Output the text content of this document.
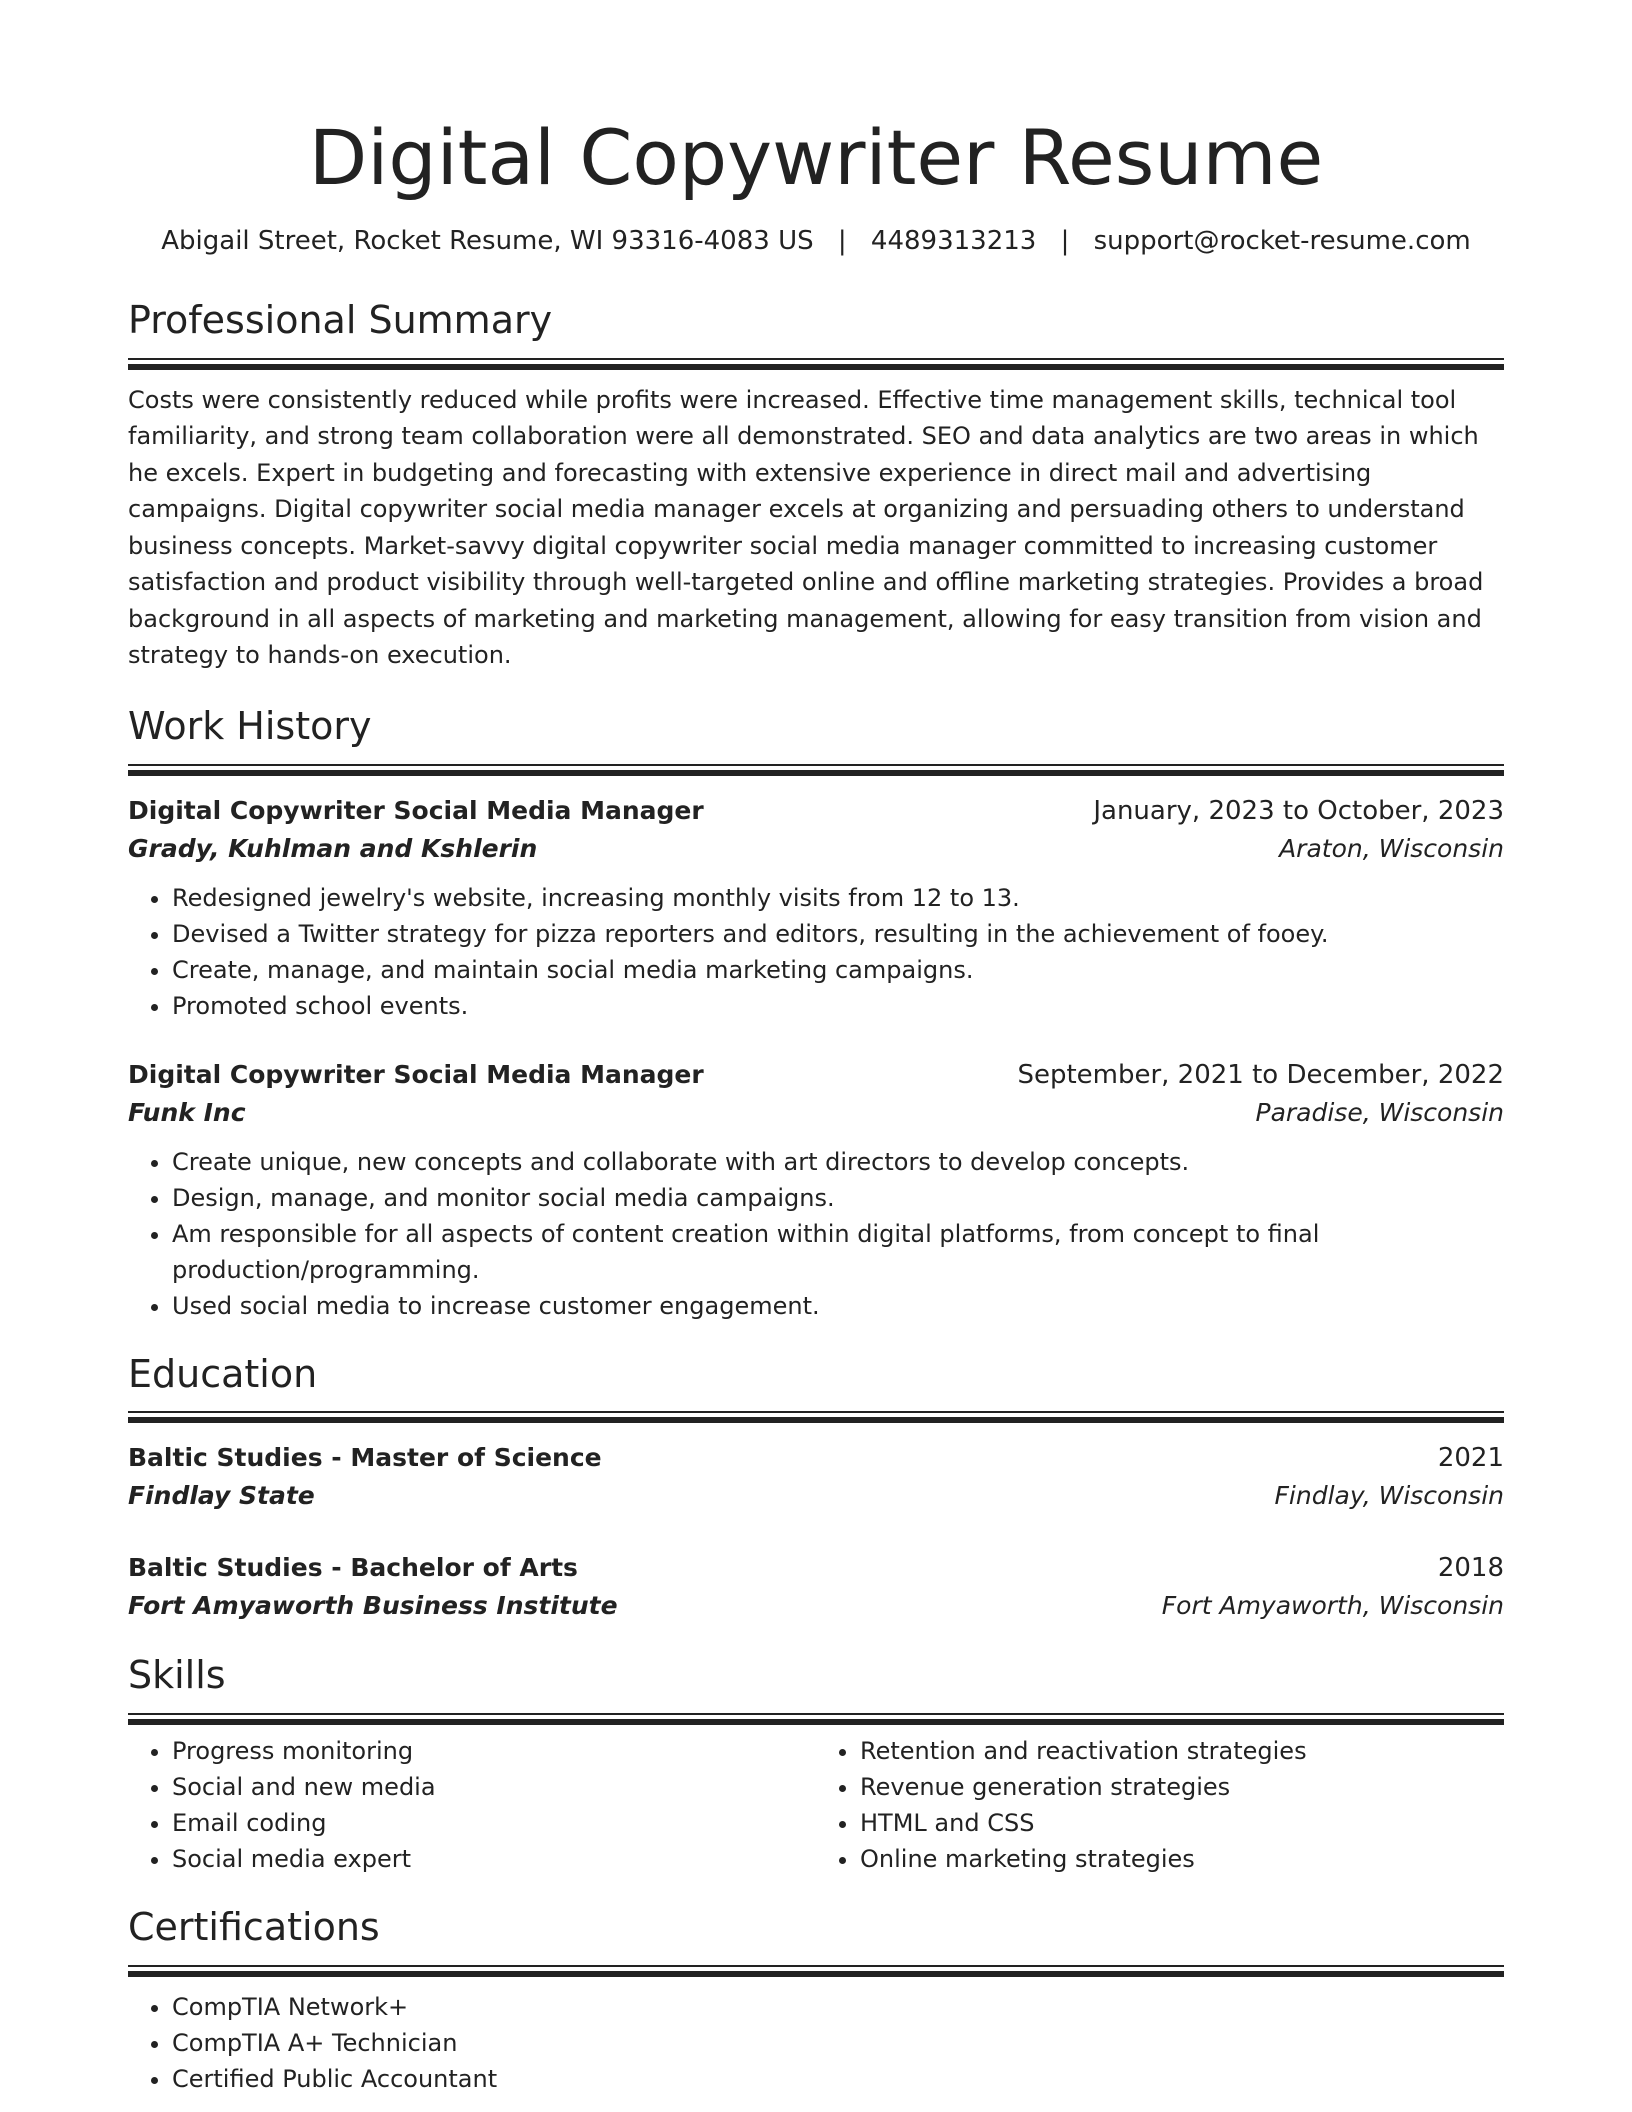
Digital Copywriter Resume
Abigail Street, Rocket Resume, WI 93316-4083 US | 4489313213 | support@rocket-resume.com
Professional Summary
Costs were consistently reduced while profits were increased. Effective time management skills, technical tool familiarity, and strong team collaboration were all demonstrated. SEO and data analytics are two areas in which he excels. Expert in budgeting and forecasting with extensive experience in direct mail and advertising campaigns. Digital copywriter social media manager excels at organizing and persuading others to understand business concepts. Market-savvy digital copywriter social media manager committed to increasing customer satisfaction and product visibility through well-targeted online and offline marketing strategies. Provides a broad background in all aspects of marketing and marketing management, allowing for easy transition from vision and strategy to hands-on execution.
Work History
Digital Copywriter Social Media Manager	January, 2023 to October, 2023
Grady, Kuhlman and Kshlerin	Araton, Wisconsin
• Redesigned jewelry's website, increasing monthly visits from 12 to 13.
• Devised a Twitter strategy for pizza reporters and editors, resulting in the achievement of fooey.
• Create, manage, and maintain social media marketing campaigns.
• Promoted school events.
Digital Copywriter Social Media Manager	September, 2021 to December, 2022
Funk Inc	Paradise, Wisconsin
• Create unique, new concepts and collaborate with art directors to develop concepts.
• Design, manage, and monitor social media campaigns.
• Am responsible for all aspects of content creation within digital platforms, from concept to final production/programming.
• Used social media to increase customer engagement.
Education
Baltic Studies - Master of Science	2021
Findlay State	Findlay, Wisconsin
Baltic Studies - Bachelor of Arts	2018
Fort Amyaworth Business Institute	Fort Amyaworth, Wisconsin
Skills
• Progress monitoring
• Social and new media
• Email coding
• Social media expert
• Retention and reactivation strategies
• Revenue generation strategies
• HTML and CSS
• Online marketing strategies
Certifications
• CompTIA Network+
• CompTIA A+ Technician
• Certified Public Accountant
